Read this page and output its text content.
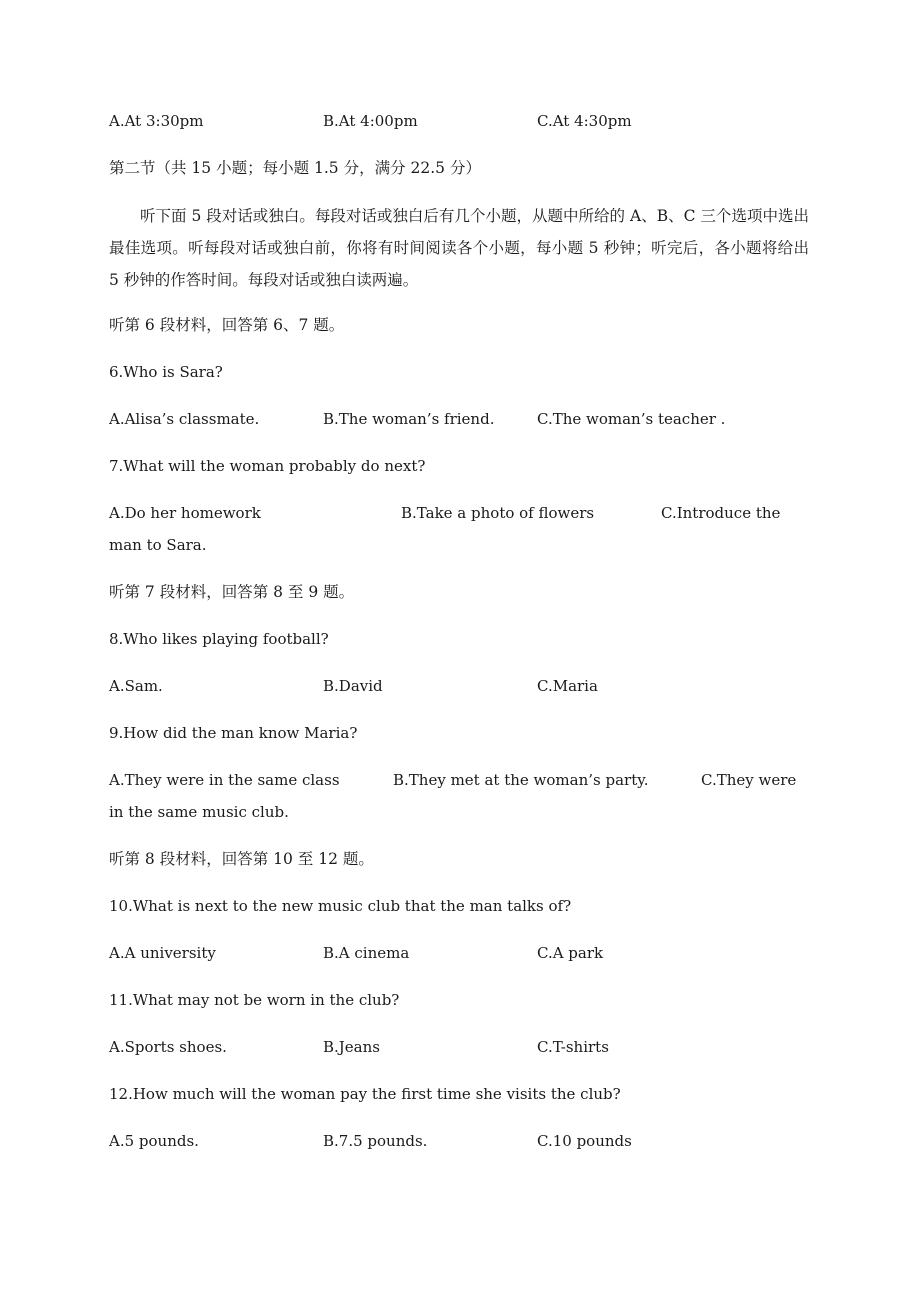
A.At 3:30pm	B.At 4:00pm	C.At 4:30pm
第二节（共 15 小题；每小题 1.5 分，满分 22.5 分）
听下面 5 段对话或独白。每段对话或独白后有几个小题，从题中所给的 A、B、C 三个选项中选出最佳选项。听每段对话或独白前，你将有时间阅读各个小题，每小题 5 秒钟；听完后，各小题将给出 5 秒钟的作答时间。每段对话或独白读两遍。
听第 6 段材料，回答第 6、7 题。
6.Who is Sara?
A.Alisa’s classmate.	B.The woman’s friend.	C.The woman’s teacher .
7.What will the woman probably do next?
A.Do her homework	B.Take a photo of flowers	C.Introduce the
man to Sara.
听第 7 段材料，回答第 8 至 9 题。
8.Who likes playing football?
A.Sam.	B.David	C.Maria
9.How did the man know Maria?
A.They were in the same class	B.They met at the woman’s party.	C.They were
in the same music club.
听第 8 段材料，回答第 10 至 12 题。
10.What is next to the new music club that the man talks of?
A.A university	B.A cinema	C.A park
11.What may not be worn in the club?
A.Sports shoes.	B.Jeans	C.T-shirts
12.How much will the woman pay the first time she visits the club?
A.5 pounds.	B.7.5 pounds.	C.10 pounds
